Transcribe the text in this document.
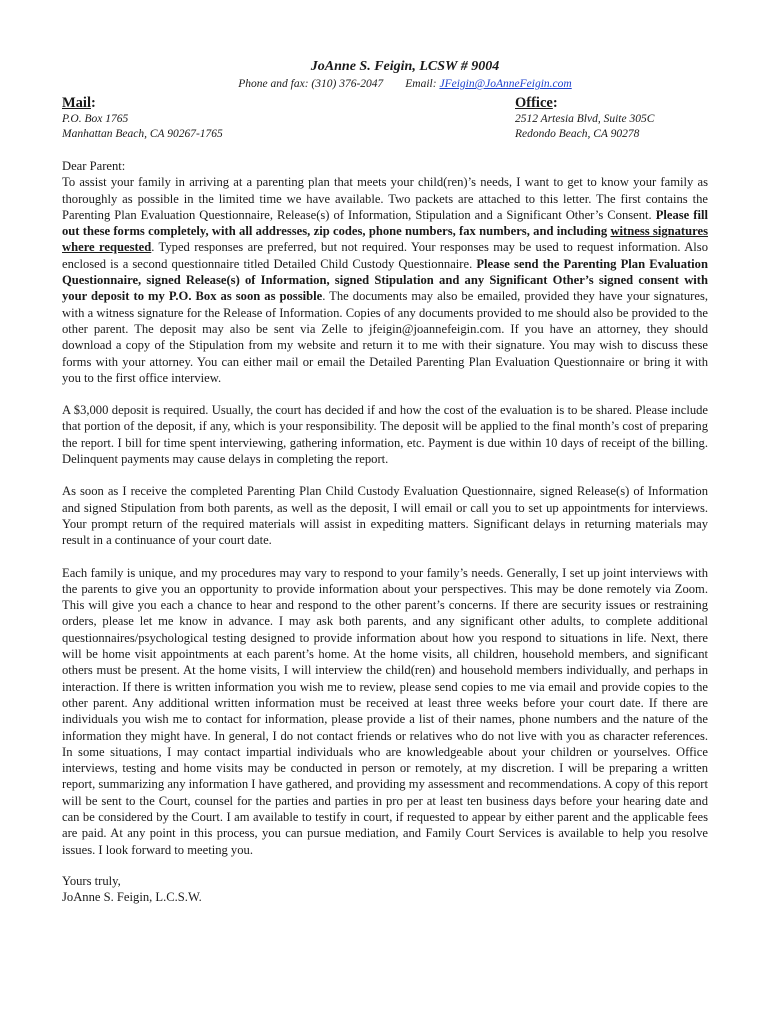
JoAnne S. Feigin, LCSW # 9004
Phone and fax: (310) 376-2047 Email: JFeigin@JoAnneFeigin.com
Mail:
P.O. Box 1765
Manhattan Beach, CA 90267-1765
Office:
2512 Artesia Blvd, Suite 305C
Redondo Beach, CA 90278

Dear Parent:
To assist your family in arriving at a parenting plan that meets your child(ren)’s needs, I want to get to know your family as thoroughly as possible in the limited time we have available. Two packets are attached to this letter. The first contains the Parenting Plan Evaluation Questionnaire, Release(s) of Information, Stipulation and a Significant Other’s Consent. Please fill out these forms completely, with all addresses, zip codes, phone numbers, fax numbers, and including witness signatures where requested. Typed responses are preferred, but not required. Your responses may be used to request information. Also enclosed is a second questionnaire titled Detailed Child Custody Questionnaire. Please send the Parenting Plan Evaluation Questionnaire, signed Release(s) of Information, signed Stipulation and any Significant Other’s signed consent with your deposit to my P.O. Box as soon as possible. The documents may also be emailed, provided they have your signatures, with a witness signature for the Release of Information. Copies of any documents provided to me should also be provided to the other parent. The deposit may also be sent via Zelle to jfeigin@joannefeigin.com. If you have an attorney, they should download a copy of the Stipulation from my website and return it to me with their signature. You may wish to discuss these forms with your attorney. You can either mail or email the Detailed Parenting Plan Evaluation Questionnaire or bring it with you to the first office interview.

A $3,000 deposit is required. Usually, the court has decided if and how the cost of the evaluation is to be shared. Please include that portion of the deposit, if any, which is your responsibility. The deposit will be applied to the final month’s cost of preparing the report. I bill for time spent interviewing, gathering information, etc. Payment is due within 10 days of receipt of the billing. Delinquent payments may cause delays in completing the report.

As soon as I receive the completed Parenting Plan Child Custody Evaluation Questionnaire, signed Release(s) of Information and signed Stipulation from both parents, as well as the deposit, I will email or call you to set up appointments for interviews. Your prompt return of the required materials will assist in expediting matters. Significant delays in returning materials may result in a continuance of your court date.

Each family is unique, and my procedures may vary to respond to your family’s needs. Generally, I set up joint interviews with the parents to give you an opportunity to provide information about your perspectives. This may be done remotely via Zoom. This will give you each a chance to hear and respond to the other parent’s concerns. If there are security issues or restraining orders, please let me know in advance. I may ask both parents, and any significant other adults, to complete additional questionnaires/psychological testing designed to provide information about how you respond to situations in life. Next, there will be home visit appointments at each parent’s home. At the home visits, all children, household members, and significant others must be present. At the home visits, I will interview the child(ren) and household members individually, and perhaps in interaction. If there is written information you wish me to review, please send copies to me via email and provide copies to the other parent. Any additional written information must be received at least three weeks before your court date. If there are individuals you wish me to contact for information, please provide a list of their names, phone numbers and the nature of the information they might have. In general, I do not contact friends or relatives who do not live with you as character references. In some situations, I may contact impartial individuals who are knowledgeable about your children or yourselves. Office interviews, testing and home visits may be conducted in person or remotely, at my discretion. I will be preparing a written report, summarizing any information I have gathered, and providing my assessment and recommendations. A copy of this report will be sent to the Court, counsel for the parties and parties in pro per at least ten business days before your hearing date and can be considered by the Court. I am available to testify in court, if requested to appear by either parent and the applicable fees are paid. At any point in this process, you can pursue mediation, and Family Court Services is available to help you resolve issues. I look forward to meeting you.

Yours truly,
JoAnne S. Feigin, L.C.S.W.
